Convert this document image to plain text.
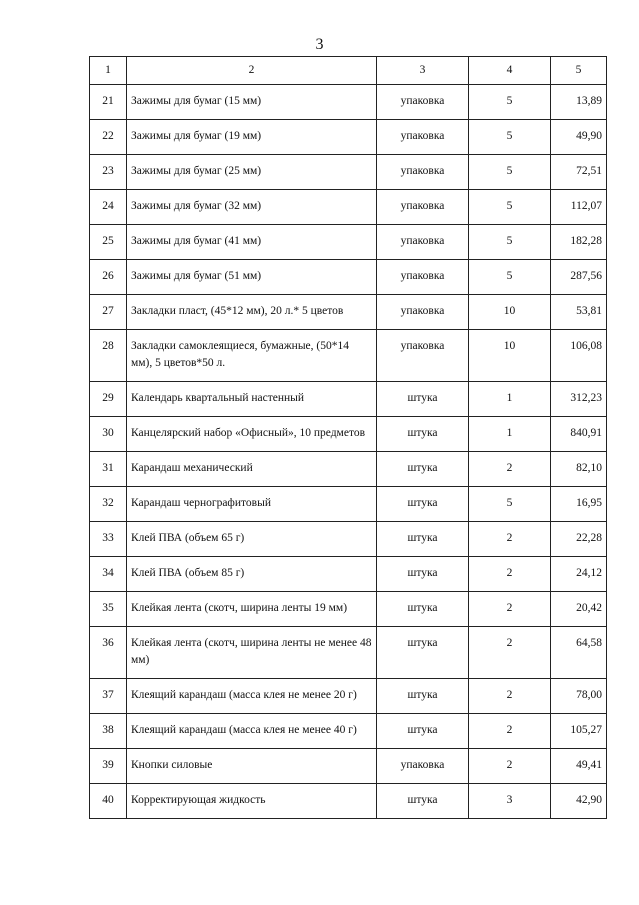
3
1	2	3	4	5
21	Зажимы для бумаг (15 мм)	упаковка	5	13,89
22	Зажимы для бумаг (19 мм)	упаковка	5	49,90
23	Зажимы для бумаг (25 мм)	упаковка	5	72,51
24	Зажимы для бумаг (32 мм)	упаковка	5	112,07
25	Зажимы для бумаг (41 мм)	упаковка	5	182,28
26	Зажимы для бумаг (51 мм)	упаковка	5	287,56
27	Закладки пласт, (45*12 мм), 20 л.* 5 цветов	упаковка	10	53,81
28	Закладки самоклеящиеся, бумажные, (50*14 мм), 5 цветов*50 л.	упаковка	10	106,08
29	Календарь квартальный настенный	штука	1	312,23
30	Канцелярский набор «Офисный», 10 предметов	штука	1	840,91
31	Карандаш механический	штука	2	82,10
32	Карандаш чернографитовый	штука	5	16,95
33	Клей ПВА (объем 65 г)	штука	2	22,28
34	Клей ПВА (объем 85 г)	штука	2	24,12
35	Клейкая лента (скотч, ширина ленты 19 мм)	штука	2	20,42
36	Клейкая лента (скотч, ширина ленты не менее 48 мм)	штука	2	64,58
37	Клеящий карандаш (масса клея не менее 20 г)	штука	2	78,00
38	Клеящий карандаш (масса клея не менее 40 г)	штука	2	105,27
39	Кнопки силовые	упаковка	2	49,41
40	Корректирующая жидкость	штука	3	42,90
